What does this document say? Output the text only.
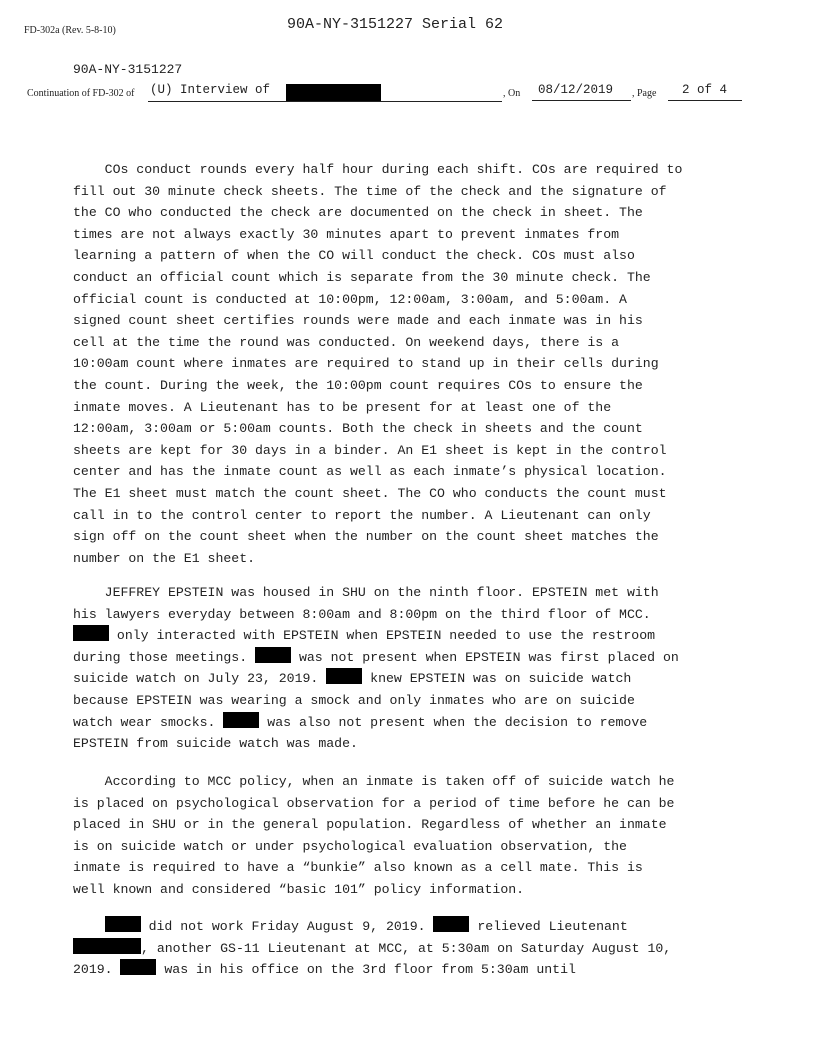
FD-302a (Rev. 5-8-10)	90A-NY-3151227 Serial 62
90A-NY-3151227
Continuation of FD-302 of (U) Interview of	, On 08/12/2019 , Page 2 of 4
COs conduct rounds every half hour during each shift. COs are required to
fill out 30 minute check sheets. The time of the check and the signature of
the CO who conducted the check are documented on the check in sheet. The
times are not always exactly 30 minutes apart to prevent inmates from
learning a pattern of when the CO will conduct the check. COs must also
conduct an official count which is separate from the 30 minute check. The
official count is conducted at 10:00pm, 12:00am, 3:00am, and 5:00am. A
signed count sheet certifies rounds were made and each inmate was in his
cell at the time the round was conducted. On weekend days, there is a
10:00am count where inmates are required to stand up in their cells during
the count. During the week, the 10:00pm count requires COs to ensure the
inmate moves. A Lieutenant has to be present for at least one of the
12:00am, 3:00am or 5:00am counts. Both the check in sheets and the count
sheets are kept for 30 days in a binder. An E1 sheet is kept in the control
center and has the inmate count as well as each inmate’s physical location.
The E1 sheet must match the count sheet. The CO who conducts the count must
call in to the control center to report the number. A Lieutenant can only
sign off on the count sheet when the number on the count sheet matches the
number on the E1 sheet.
JEFFREY EPSTEIN was housed in SHU on the ninth floor. EPSTEIN met with
his lawyers everyday between 8:00am and 8:00pm on the third floor of MCC.
only interacted with EPSTEIN when EPSTEIN needed to use the restroom
during those meetings.	was not present when EPSTEIN was first placed on
suicide watch on July 23, 2019.	knew EPSTEIN was on suicide watch
because EPSTEIN was wearing a smock and only inmates who are on suicide
watch wear smocks.	was also not present when the decision to remove
EPSTEIN from suicide watch was made.
According to MCC policy, when an inmate is taken off of suicide watch he
is placed on psychological observation for a period of time before he can be
placed in SHU or in the general population. Regardless of whether an inmate
is on suicide watch or under psychological evaluation observation, the
inmate is required to have a “bunkie” also known as a cell mate. This is
well known and considered “basic 101” policy information.
did not work Friday August 9, 2019.	relieved Lieutenant
, another GS-11 Lieutenant at MCC, at 5:30am on Saturday August 10,
2019.	was in his office on the 3rd floor from 5:30am until
